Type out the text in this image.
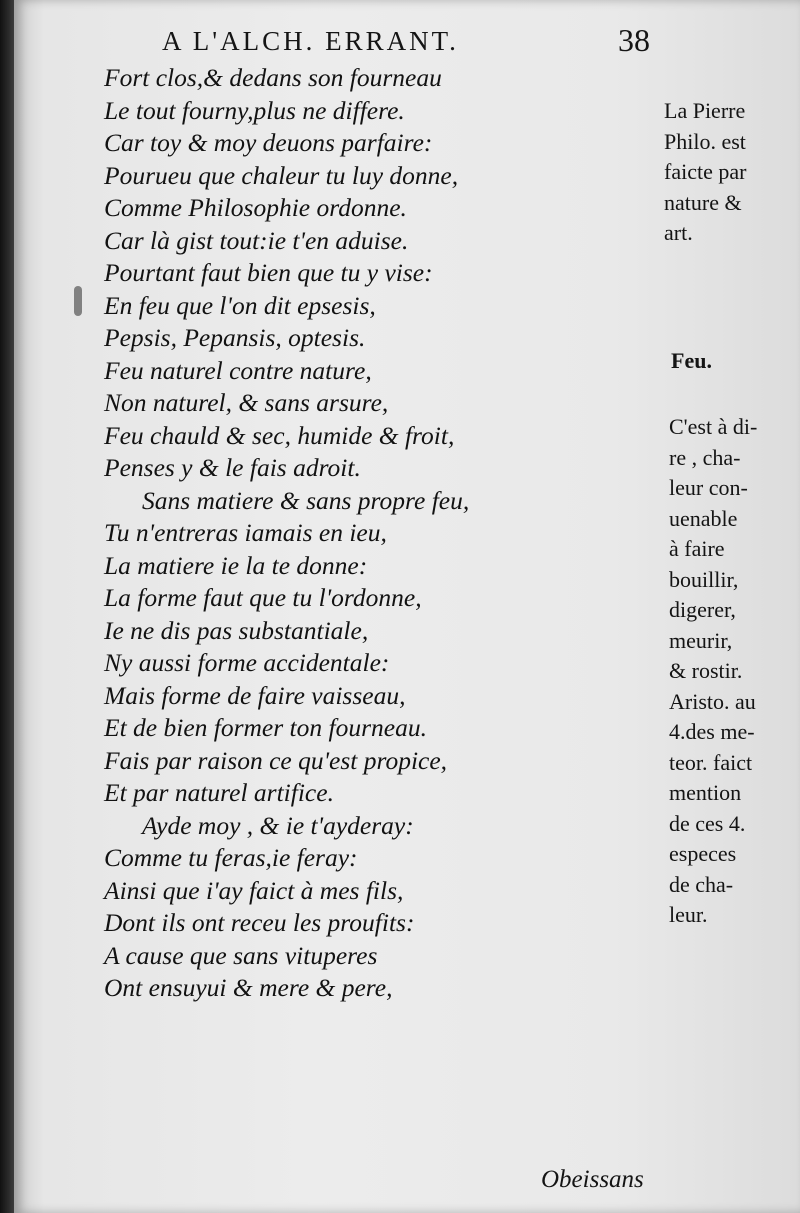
A L'ALCH. ERRANT.	38
Fort clos,& dedans son fourneau
Le tout fourny,plus ne differe.
Car toy & moy deuons parfaire:
Pourueu que chaleur tu luy donne,
Comme Philosophie ordonne.
Car là gist tout:ie t'en aduise.
Pourtant faut bien que tu y vise:
En feu que l'on dit epsesis,
Pepsis, Pepansis, optesis.
Feu naturel contre nature,
Non naturel, & sans arsure,
Feu chauld & sec, humide & froit,
Penses y & le fais adroit.
Sans matiere & sans propre feu,
Tu n'entreras iamais en ieu,
La matiere ie la te donne:
La forme faut que tu l'ordonne,
Ie ne dis pas substantiale,
Ny aussi forme accidentale:
Mais forme de faire vaisseau,
Et de bien former ton fourneau.
Fais par raison ce qu'est propice,
Et par naturel artifice.
Ayde moy , & ie t'ayderay:
Comme tu feras,ie feray:
Ainsi que i'ay faict à mes fils,
Dont ils ont receu les proufits:
A cause que sans vituperes
Ont ensuyui & mere & pere,
La Pierre
Philo. est
faicte par
nature &
art.
Feu.
C'est à di-
re , cha-
leur con-
uenable
à faire
bouillir,
digerer,
meurir,
& rostir.
Aristo. au
4.des me-
teor. faict
mention
de ces 4.
especes
de cha-
leur.
Obeissans
